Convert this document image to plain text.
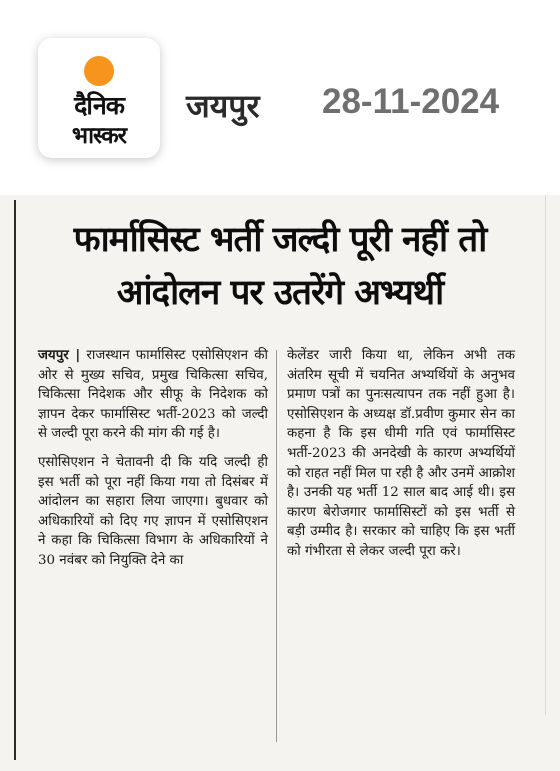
दैनिक
भास्कर
जयपुर 28-11-2024
फार्मासिस्ट भर्ती जल्दी पूरी नहीं तो आंदोलन पर उतरेंगे अभ्यर्थी

जयपुर | राजस्थान फार्मासिस्ट एसोसिएशन की ओर से मुख्य सचिव, प्रमुख चिकित्सा सचिव, चिकित्सा निदेशक और सीफू के निदेशक को ज्ञापन देकर फार्मासिस्ट भर्ती-2023 को जल्दी से जल्दी पूरा करने की मांग की गई है।

एसोसिएशन ने चेतावनी दी कि यदि जल्दी ही इस भर्ती को पूरा नहीं किया गया तो दिसंबर में आंदोलन का सहारा लिया जाएगा। बुधवार को अधिकारियों को दिए गए ज्ञापन में एसोसिएशन ने कहा कि चिकित्सा विभाग के अधिकारियों ने 30 नवंबर को नियुक्ति देने का

केलेंडर जारी किया था, लेकिन अभी तक अंतरिम सूची में चयनित अभ्यर्थियों के अनुभव प्रमाण पत्रों का पुनःसत्यापन तक नहीं हुआ है। एसोसिएशन के अध्यक्ष डॉ.प्रवीण कुमार सेन का कहना है कि इस धीमी गति एवं फार्मासिस्ट भर्ती-2023 की अनदेखी के कारण अभ्यर्थियों को राहत नहीं मिल पा रही है और उनमें आक्रोश है। उनकी यह भर्ती 12 साल बाद आई थी। इस कारण बेरोजगार फार्मासिस्टों को इस भर्ती से बड़ी उम्मीद है। सरकार को चाहिए कि इस भर्ती को गंभीरता से लेकर जल्दी पूरा करे।
